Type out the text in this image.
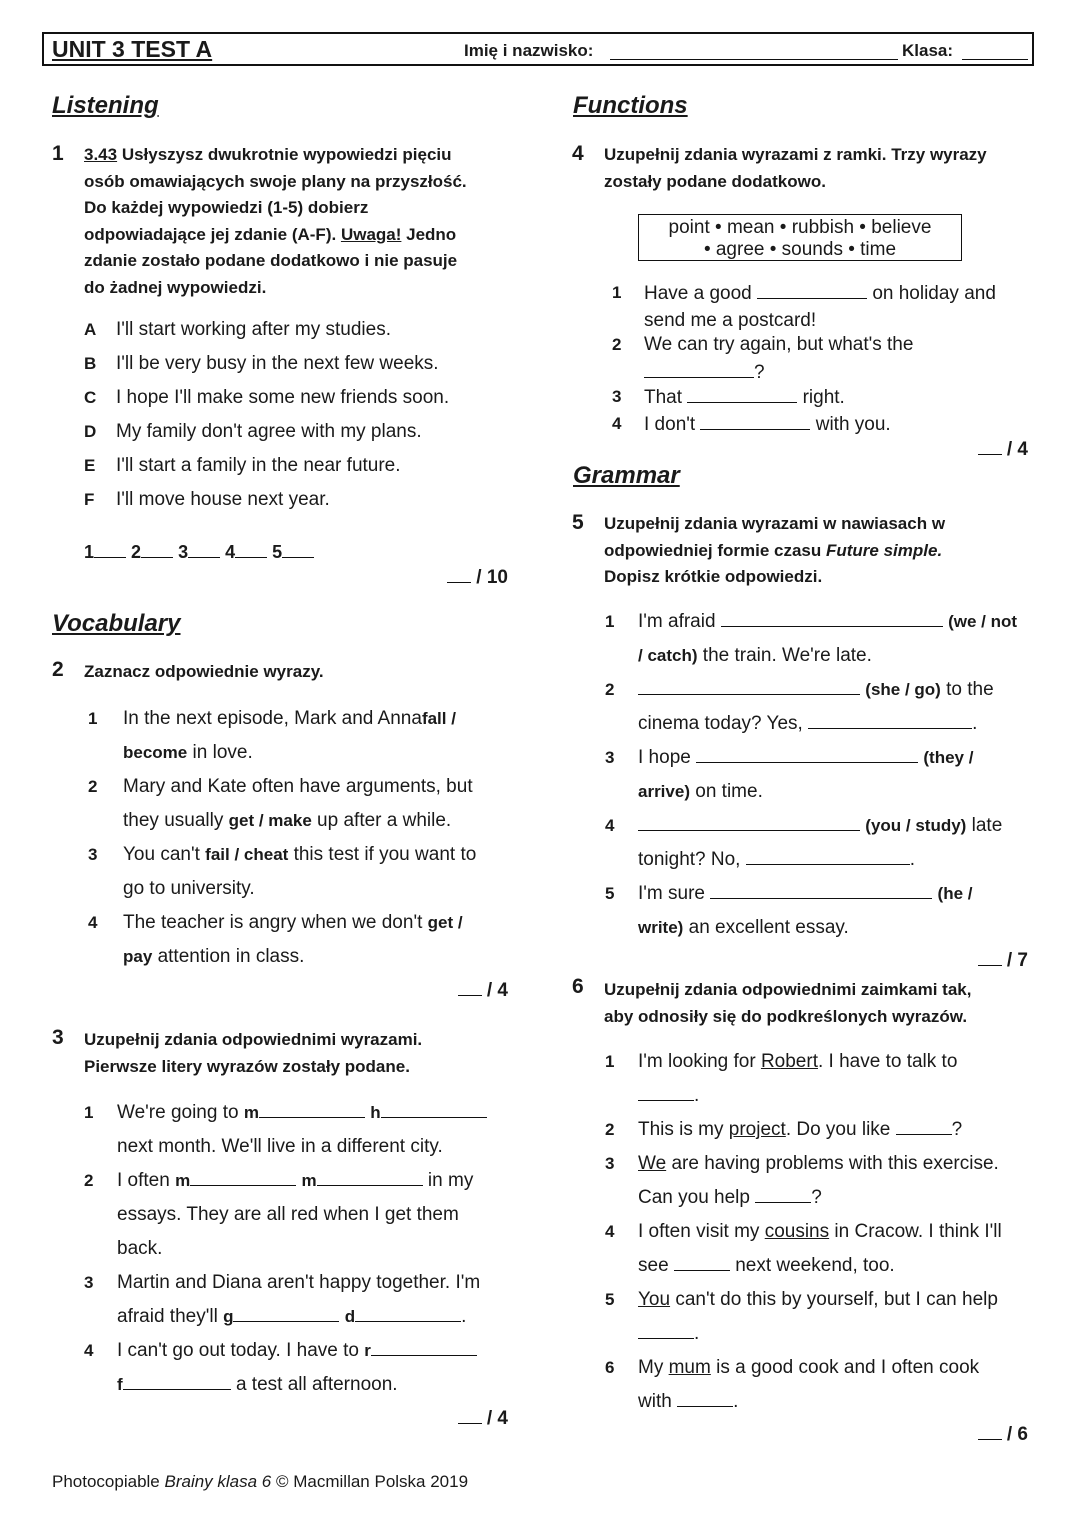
UNIT 3 TEST A	Imię i nazwisko:	Klasa:
Listening
1 3.43 Usłyszysz dwukrotnie wypowiedzi pięciu
osób omawiających swoje plany na przyszłość.
Do każdej wypowiedzi (1-5) dobierz
odpowiadające jej zdanie (A-F). Uwaga! Jedno
zdanie zostało podane dodatkowo i nie pasuje
do żadnej wypowiedzi.
A I'll start working after my studies.
B I'll be very busy in the next few weeks.
C I hope I'll make some new friends soon.
D My family don't agree with my plans.
E I'll start a family in the near future.
F I'll move house next year.
1 2 3 4 5
/ 10
Vocabulary
2 Zaznacz odpowiednie wyrazy.
1 In the next episode, Mark and Annafall /
become in love.
2 Mary and Kate often have arguments, but
they usually get / make up after a while.
3 You can't fail / cheat this test if you want to
go to university.
4 The teacher is angry when we don't get /
pay attention in class.
/ 4
3 Uzupełnij zdania odpowiednimi wyrazami.
Pierwsze litery wyrazów zostały podane.
1 We're going to m	h
next month. We'll live in a different city.
2 I often m	m	in my
essays. They are all red when I get them
back.
3 Martin and Diana aren't happy together. I'm
afraid they'll g	d	.
4 I can't go out today. I have to r
f	a test all afternoon.
/ 4
Functions
4 Uzupełnij zdania wyrazami z ramki. Trzy wyrazy
zostały podane dodatkowo.
point • mean • rubbish • believe
• agree • sounds • time
1 Have a good	on holiday and
send me a postcard!
2 We can try again, but what's the
?
3 That	right.
4 I don't	with you.
/ 4
Grammar
5 Uzupełnij zdania wyrazami w nawiasach w
odpowiedniej formie czasu Future simple.
Dopisz krótkie odpowiedzi.
1 I'm afraid	(we / not
/ catch) the train. We're late.
2	(she / go) to the
cinema today? Yes,	.
3 I hope	(they /
arrive) on time.
4	(you / study) late
tonight? No,	.
5 I'm sure	(he /
write) an excellent essay.
/ 7
6 Uzupełnij zdania odpowiednimi zaimkami tak,
aby odnosiły się do podkreślonych wyrazów.
1 I'm looking for Robert. I have to talk to
.
2 This is my project. Do you like	?
3 We are having problems with this exercise.
Can you help	?
4 I often visit my cousins in Cracow. I think I'll
see	next weekend, too.
5 You can't do this by yourself, but I can help
.
6 My mum is a good cook and I often cook
with	.
/ 6
Photocopiable Brainy klasa 6 © Macmillan Polska 2019
